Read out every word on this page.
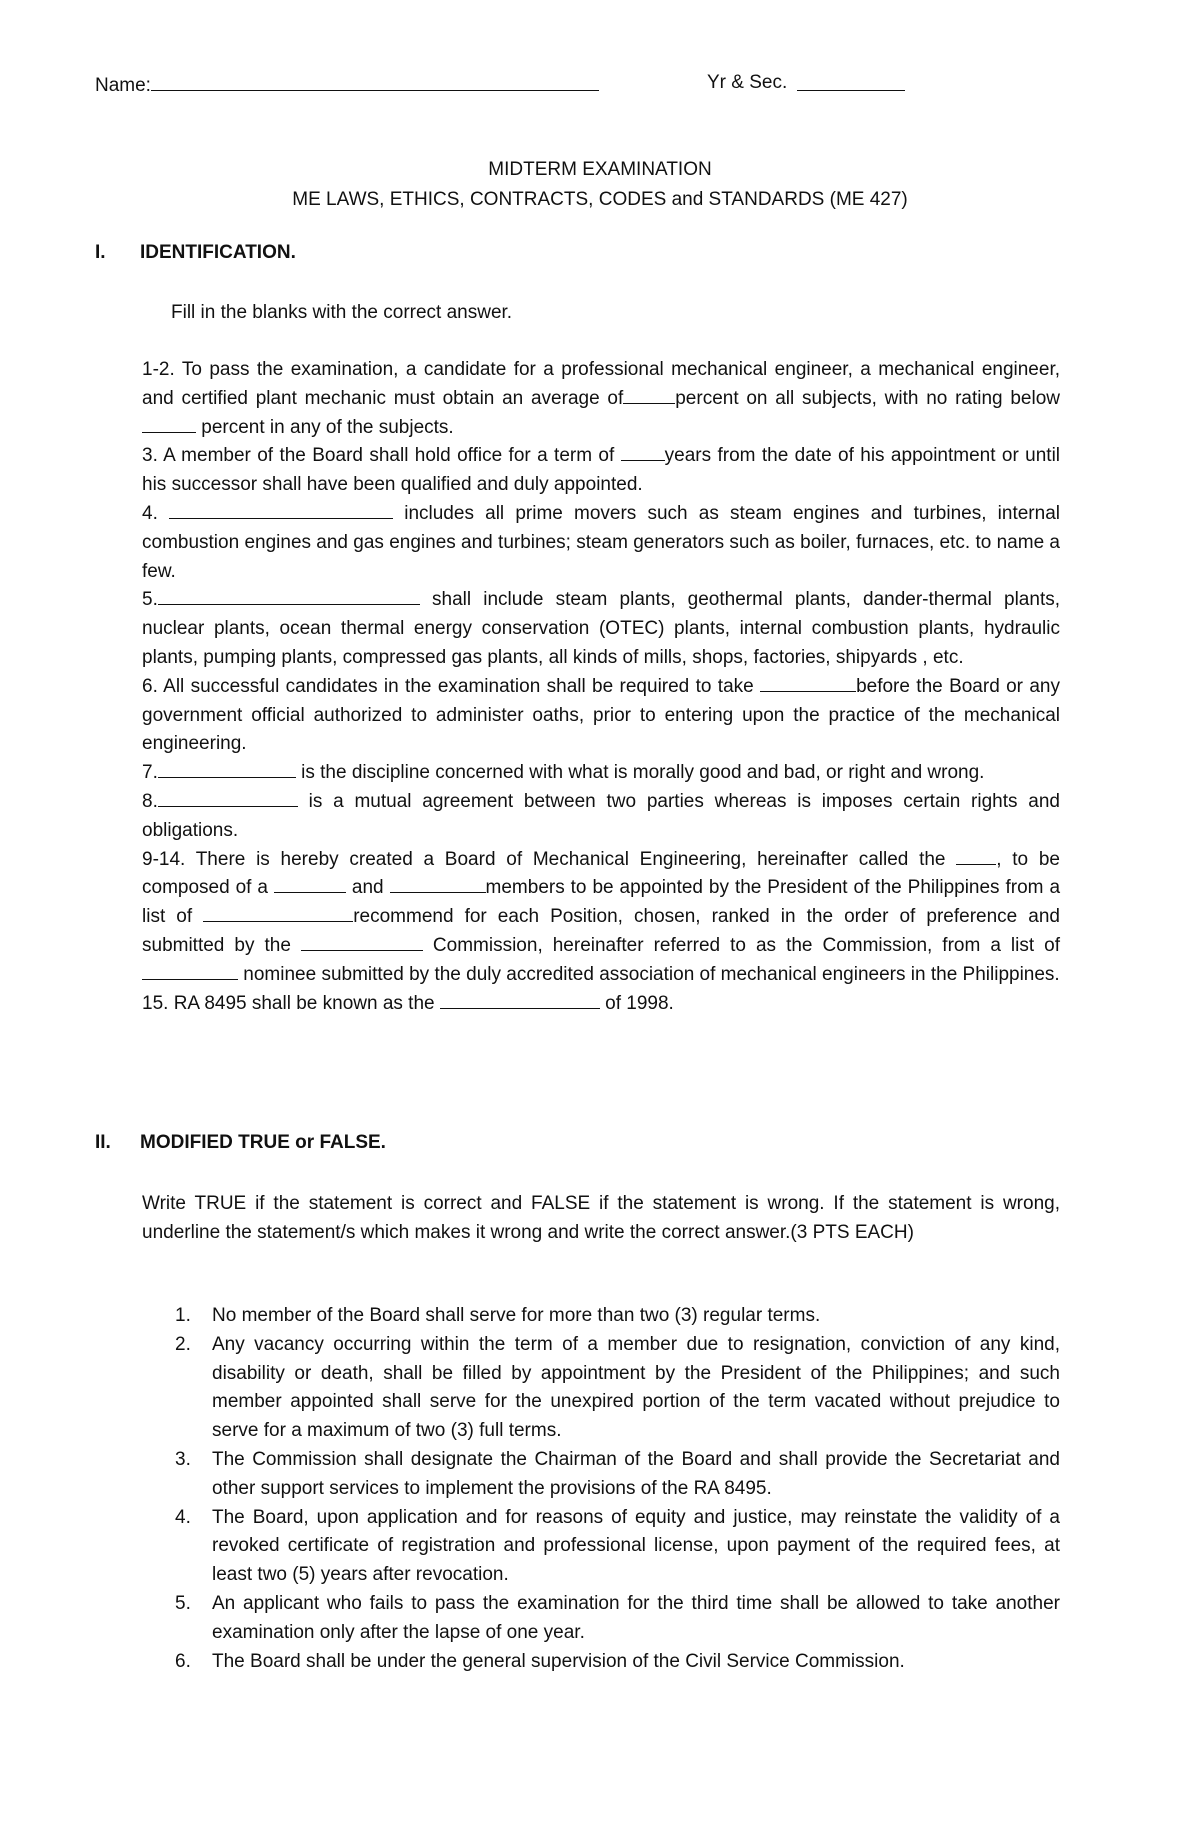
Name:	Yr & Sec.
MIDTERM EXAMINATION
ME LAWS, ETHICS, CONTRACTS, CODES and STANDARDS (ME 427)
I. IDENTIFICATION.
Fill in the blanks with the correct answer.

1-2. To pass the examination, a candidate for a professional mechanical engineer, a mechanical engineer, and certified plant mechanic must obtain an average of	percent on all subjects, with no rating below  percent in any of the subjects.

3. A member of the Board shall hold office for a term of	years from the date of his appointment or until his successor shall have been qualified and duly appointed.

4.	includes all prime movers such as steam engines and turbines, internal combustion engines and gas engines and turbines; steam generators such as boiler, furnaces, etc. to name a few.

5.	shall include steam plants, geothermal plants, dander-thermal plants, nuclear plants, ocean thermal energy conservation (OTEC) plants, internal combustion plants, hydraulic plants, pumping plants, compressed gas plants, all kinds of mills, shops, factories, shipyards , etc.

6. All successful candidates in the examination shall be required to take	before the Board or any government official authorized to administer oaths, prior to entering upon the practice of the mechanical engineering.

7.	is the discipline concerned with what is morally good and bad, or right and wrong.

8.	is a mutual agreement between two parties whereas is imposes certain rights and obligations.

9-14. There is hereby created a Board of Mechanical Engineering, hereinafter called the	, to be composed of a	and	members to be appointed by the President of the Philippines from a list of	recommend for each Position, chosen, ranked in the order of preference and submitted by the	Commission, hereinafter referred to as the Commission, from a list of  nominee submitted by the duly accredited association of mechanical engineers in the Philippines.

15. RA 8495 shall be known as the	of 1998.

II. MODIFIED TRUE or FALSE.

Write TRUE if the statement is correct and FALSE if the statement is wrong. If the statement is wrong, underline the statement/s which makes it wrong and write the correct answer.(3 PTS EACH)

1. No member of the Board shall serve for more than two (3) regular terms.

2. Any vacancy occurring within the term of a member due to resignation, conviction of any kind, disability or death, shall be filled by appointment by the President of the Philippines; and such member appointed shall serve for the unexpired portion of the term vacated without prejudice to serve for a maximum of two (3) full terms.

3. The Commission shall designate the Chairman of the Board and shall provide the Secretariat and other support services to implement the provisions of the RA 8495.

4. The Board, upon application and for reasons of equity and justice, may reinstate the validity of a revoked certificate of registration and professional license, upon payment of the required fees, at least two (5) years after revocation.

5. An applicant who fails to pass the examination for the third time shall be allowed to take another examination only after the lapse of one year.

6. The Board shall be under the general supervision of the Civil Service Commission.
